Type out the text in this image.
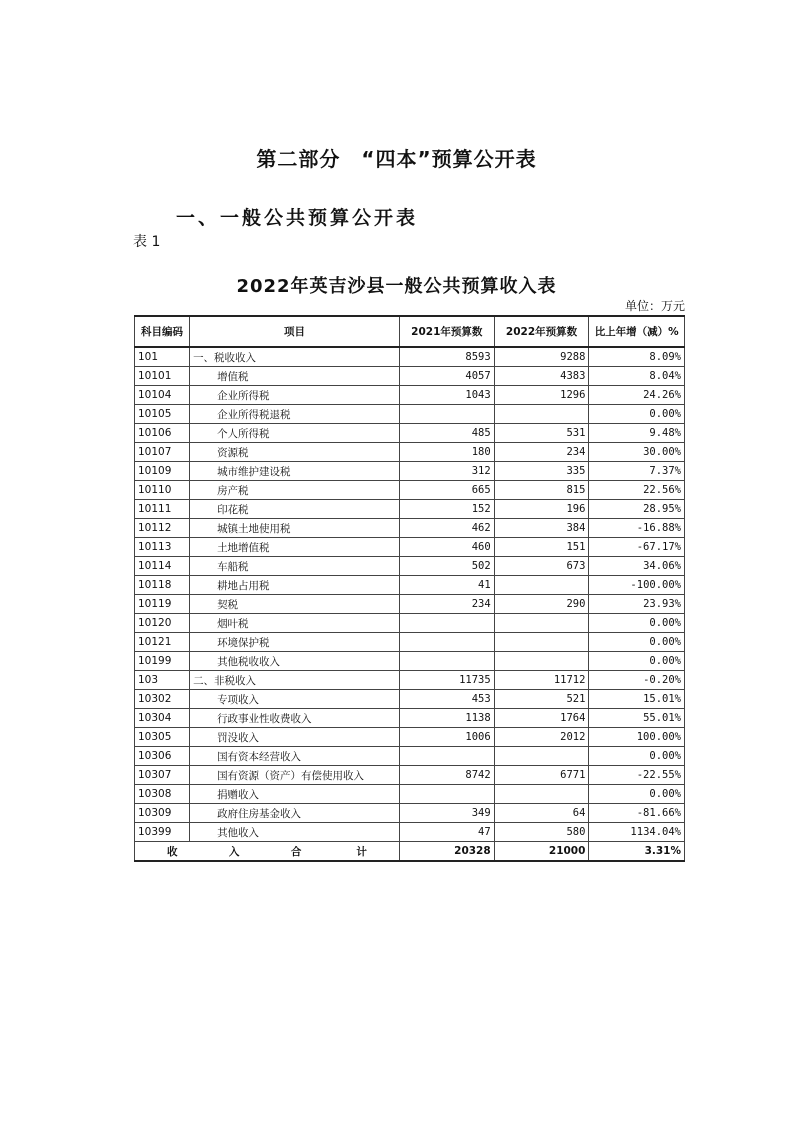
第二部分　“四本”预算公开表
一、一般公共预算公开表
表 1
2022年英吉沙县一般公共预算收入表
单位：万元
科目编码	项目	2021年预算数	2022年预算数	比上年增（减）%
101	一、税收收入	8593	9288	8.09%
10101	增值税	4057	4383	8.04%
10104	企业所得税	1043	1296	24.26%
10105	企业所得税退税			0.00%
10106	个人所得税	485	531	9.48%
10107	资源税	180	234	30.00%
10109	城市维护建设税	312	335	7.37%
10110	房产税	665	815	22.56%
10111	印花税	152	196	28.95%
10112	城镇土地使用税	462	384	-16.88%
10113	土地增值税	460	151	-67.17%
10114	车船税	502	673	34.06%
10118	耕地占用税	41		-100.00%
10119	契税	234	290	23.93%
10120	烟叶税			0.00%
10121	环境保护税			0.00%
10199	其他税收收入			0.00%
103	二、非税收入	11735	11712	-0.20%
10302	专项收入	453	521	15.01%
10304	行政事业性收费收入	1138	1764	55.01%
10305	罚没收入	1006	2012	100.00%
10306	国有资本经营收入			0.00%
10307	国有资源（资产）有偿使用收入	8742	6771	-22.55%
10308	捐赠收入			0.00%
10309	政府住房基金收入	349	64	-81.66%
10399	其他收入	47	580	1134.04%
收 入 合 计		20328	21000	3.31%
